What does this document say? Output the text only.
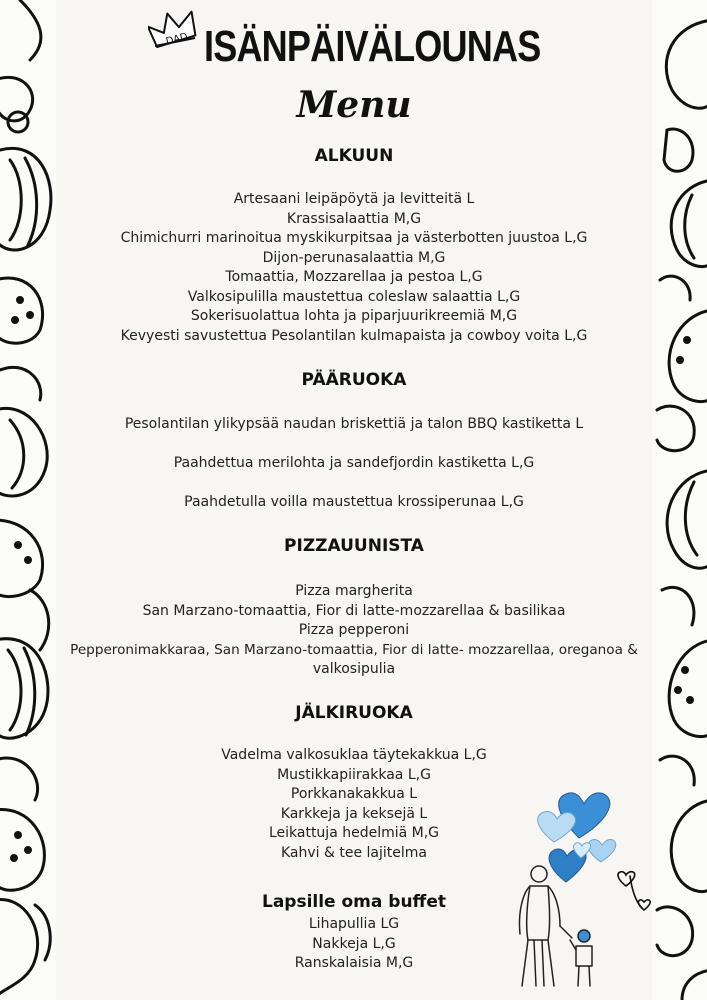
DAD ISÄNPÄIVÄLOUNAS
Menu
ALKUUN
Artesaani leipäpöytä ja levitteitä L
Krassisalaattia M,G
Chimichurri marinoitua myskikurpitsaa ja västerbotten juustoa L,G
Dijon-perunasalaattia M,G
Tomaattia, Mozzarellaa ja pestoa L,G
Valkosipulilla maustettua coleslaw salaattia L,G
Sokerisuolattua lohta ja piparjuurikreemiä M,G
Kevyesti savustettua Pesolantilan kulmapaista ja cowboy voita L,G
PÄÄRUOKA
Pesolantilan ylikypsää naudan briskettiä ja talon BBQ kastiketta L
Paahdettua merilohta ja sandefjordin kastiketta L,G
Paahdetulla voilla maustettua krossiperunaa L,G
PIZZAUUNISTA
Pizza margherita
San Marzano-tomaattia, Fior di latte-mozzarellaa & basilikaa
Pizza pepperoni
Pepperonimakkaraa, San Marzano-tomaattia, Fior di latte- mozzarellaa, oreganoa &
valkosipulia
JÄLKIRUOKA
Vadelma valkosuklaa täytekakkua L,G
Mustikkapiirakkaa L,G
Porkkanakakkua L
Karkkeja ja keksejä L
Leikattuja hedelmiä M,G
Kahvi & tee lajitelma
Lapsille oma buffet
Lihapullia LG
Nakkeja L,G
Ranskalaisia M,G
